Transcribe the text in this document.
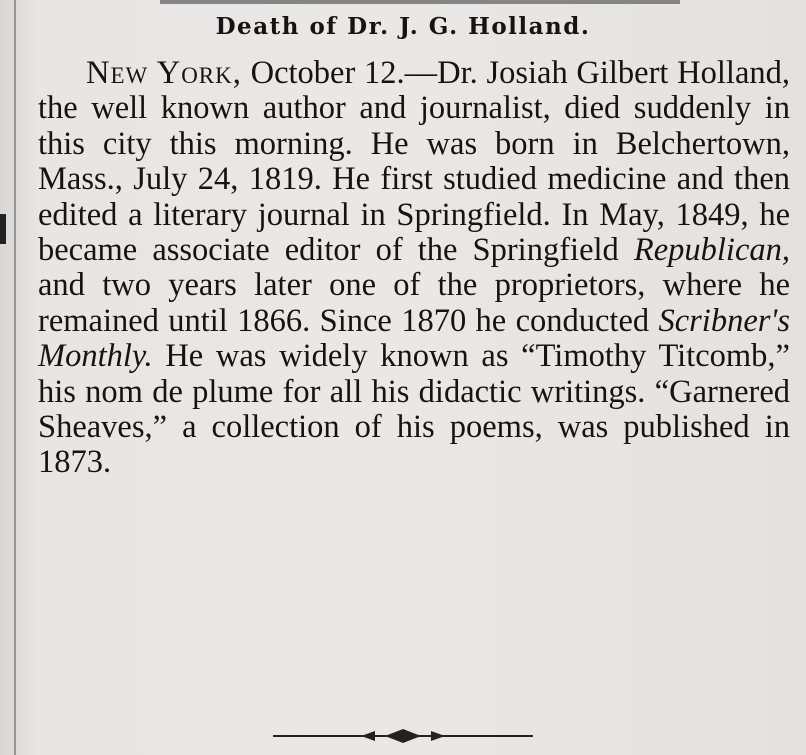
Death of Dr. J. G. Holland.

New York, October 12.—Dr. Josiah Gilbert Holland, the well known author and journalist, died suddenly in this city this morning. He was born in Belchertown, Mass., July 24, 1819. He first studied medicine and then edited a literary journal in Springfield. In May, 1849, he became associate editor of the Springfield Republican, and two years later one of the proprietors, where he remained until 1866. Since 1870 he conducted Scribner's Monthly. He was widely known as “Timothy Titcomb,” his nom de plume for all his didactic writings. “Garnered Sheaves,” a collection of his poems, was published in 1873.
